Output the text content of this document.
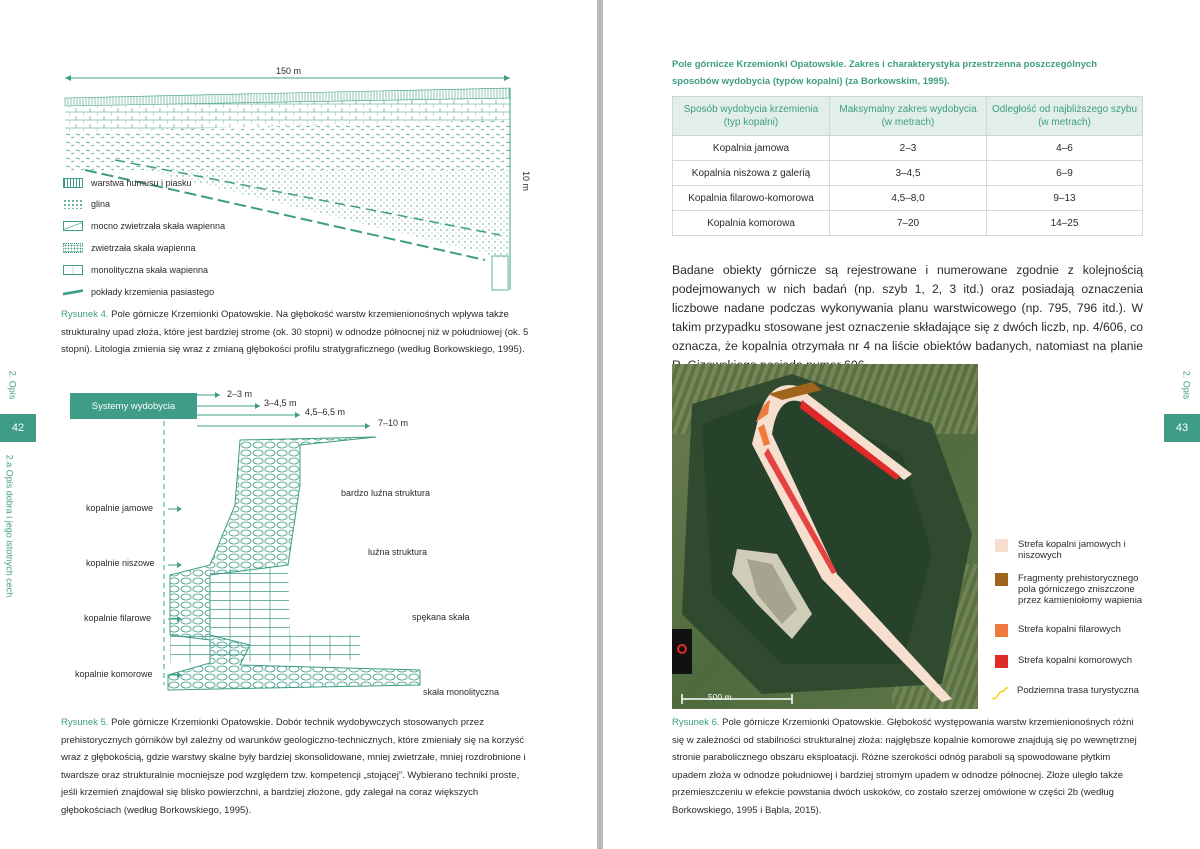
150 m
10 m
warstwa humusu i piasku
glina
mocno zwietrzała skała wapienna
zwietrzała skała wapienna
monolityczna skała wapienna
pokłady krzemienia pasiastego
Rysunek 4. Pole górnicze Krzemionki Opatowskie. Na głębokość warstw krzemienionośnych wpływa także strukturalny upad złoża, które jest bardziej strome (ok. 30 stopni) w odnodze północnej niż w południowej (ok. 5 stopni). Litologia zmienia się wraz z zmianą głębokości profilu stratygraficznego (według Borkowskiego, 1995).
2. Opis
42
2.a Opis dobra i jego istotnych cech
Systemy wydobycia
2–3 m
3–4,5 m
4,5–6,5 m
7–10 m
kopalnie jamowe
kopalnie niszowe
kopalnie filarowe
kopalnie komorowe
bardzo luźna struktura
luźna struktura
spękana skała
skała monolityczna
Rysunek 5. Pole górnicze Krzemionki Opatowskie. Dobór technik wydobywczych stosowanych przez prehistorycznych górników był zależny od warunków geologiczno-technicznych, które zmieniały się na korzyść wraz z głębokością, gdzie warstwy skalne były bardziej skonsolidowane, mniej zwietrzałe, mniej rozdrobnione i twardsze oraz strukturalnie mocniejsze pod względem tzw. kompetencji „stojącej”. Wybierano techniki proste, jeśli krzemień znajdował się blisko powierzchni, a bardziej złożone, gdy zalegał na coraz większych głębokościach (według Borkowskiego, 1995).
Pole górnicze Krzemionki Opatowskie. Zakres i charakterystyka przestrzenna poszczególnych sposobów wydobycia (typów kopalni) (za Borkowskim, 1995).
Sposób wydobycia krzemienia (typ kopalni)	Maksymalny zakres wydobycia (w metrach)	Odległość od najbliższego szybu (w metrach)
Kopalnia jamowa	2–3	4–6
Kopalnia niszowa z galerią	3–4,5	6–9
Kopalnia filarowo-komorowa	4,5–8,0	9–13
Kopalnia komorowa	7–20	14–25
Badane obiekty górnicze są rejestrowane i numerowane zgodnie z kolejnością podejmowanych w nich badań (np. szyb 1, 2, 3 itd.) oraz posiadają oznaczenia liczbowe nadane podczas wykonywania planu warstwicowego (np. 795, 796 itd.). W takim przypadku stosowane jest oznaczenie składające się z dwóch liczb, np. 4/606, co oznacza, że kopalnia otrzymała nr 4 na liście obiektów badanych, natomiast na planie
500 m
Strefa kopalni jamowych i niszowych
Fragmenty prehistorycznego pola górniczego zniszczone przez kamieniołomy wapienia
Strefa kopalni filarowych
Strefa kopalni komorowych
Podziemna trasa turystyczna
Rysunek 6. Pole górnicze Krzemionki Opatowskie. Głębokość występowania warstw krzemienionośnych różni się w zależności od stabilności strukturalnej złoża: najgłębsze kopalnie komorowe znajdują się po wewnętrznej stronie parabolicznego obszaru eksploatacji. Różne szerokości odnóg paraboli są spowodowane płytkim upadem złoża w odnodze południowej i bardziej stromym upadem w odnodze północnej. Złoże uległo także przemieszczeniu w efekcie powstania dwóch uskoków, co zostało szerzej omówione w części 2b (według Borkowskiego, 1995 i Bąbla, 2015).
2. Opis
43
